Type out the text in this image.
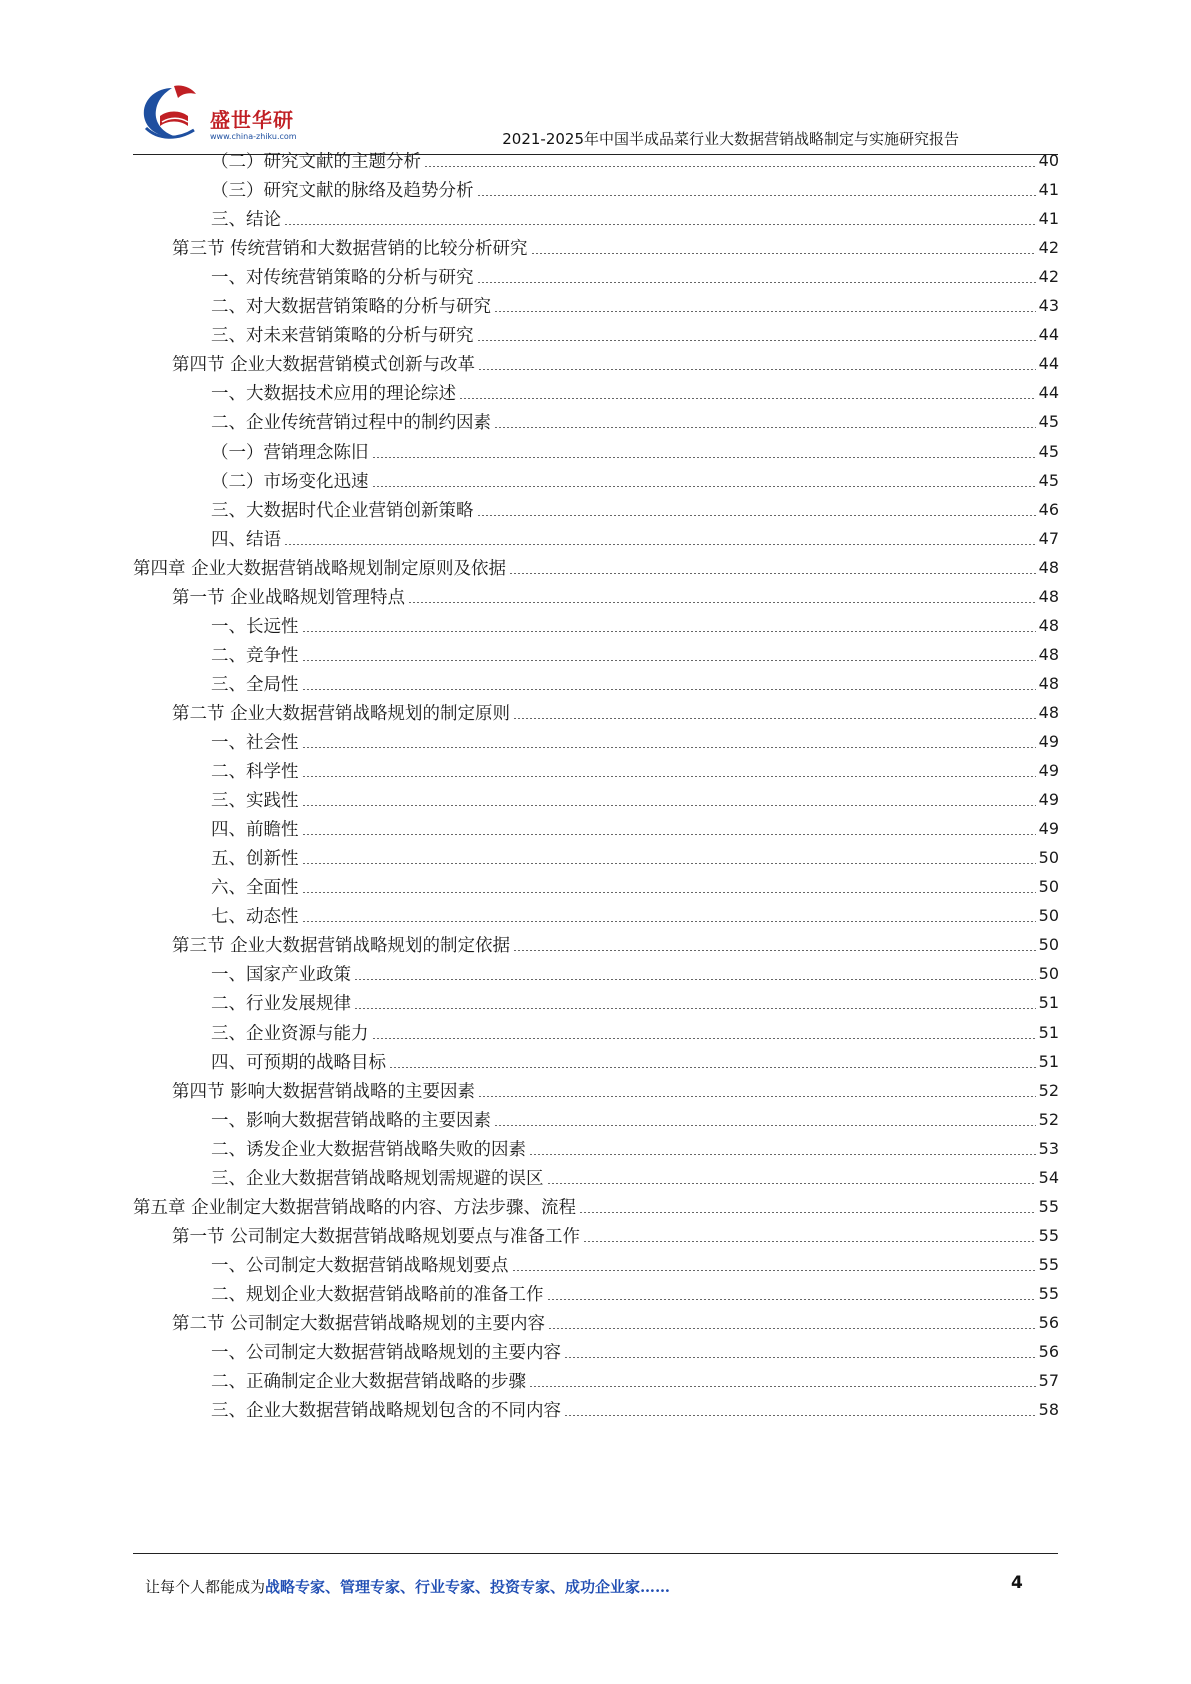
盛世华研
www.china-zhiku.com	2021-2025年中国半成品菜行业大数据营销战略制定与实施研究报告
（二）研究文献的主题分析	40
（三）研究文献的脉络及趋势分析	41
三、结论	41
第三节 传统营销和大数据营销的比较分析研究	42
一、对传统营销策略的分析与研究	42
二、对大数据营销策略的分析与研究	43
三、对未来营销策略的分析与研究	44
第四节 企业大数据营销模式创新与改革	44
一、大数据技术应用的理论综述	44
二、企业传统营销过程中的制约因素	45
（一）营销理念陈旧	45
（二）市场变化迅速	45
三、大数据时代企业营销创新策略	46
四、结语	47
第四章 企业大数据营销战略规划制定原则及依据	48
第一节 企业战略规划管理特点	48
一、长远性	48
二、竞争性	48
三、全局性	48
第二节 企业大数据营销战略规划的制定原则	48
一、社会性	49
二、科学性	49
三、实践性	49
四、前瞻性	49
五、创新性	50
六、全面性	50
七、动态性	50
第三节 企业大数据营销战略规划的制定依据	50
一、国家产业政策	50
二、行业发展规律	51
三、企业资源与能力	51
四、可预期的战略目标	51
第四节 影响大数据营销战略的主要因素	52
一、影响大数据营销战略的主要因素	52
二、诱发企业大数据营销战略失败的因素	53
三、企业大数据营销战略规划需规避的误区	54
第五章 企业制定大数据营销战略的内容、方法步骤、流程	55
第一节 公司制定大数据营销战略规划要点与准备工作	55
一、公司制定大数据营销战略规划要点	55
二、规划企业大数据营销战略前的准备工作	55
第二节 公司制定大数据营销战略规划的主要内容	56
一、公司制定大数据营销战略规划的主要内容	56
二、正确制定企业大数据营销战略的步骤	57
三、企业大数据营销战略规划包含的不同内容	58
让每个人都能成为战略专家、管理专家、行业专家、投资专家、成功企业家……	4
